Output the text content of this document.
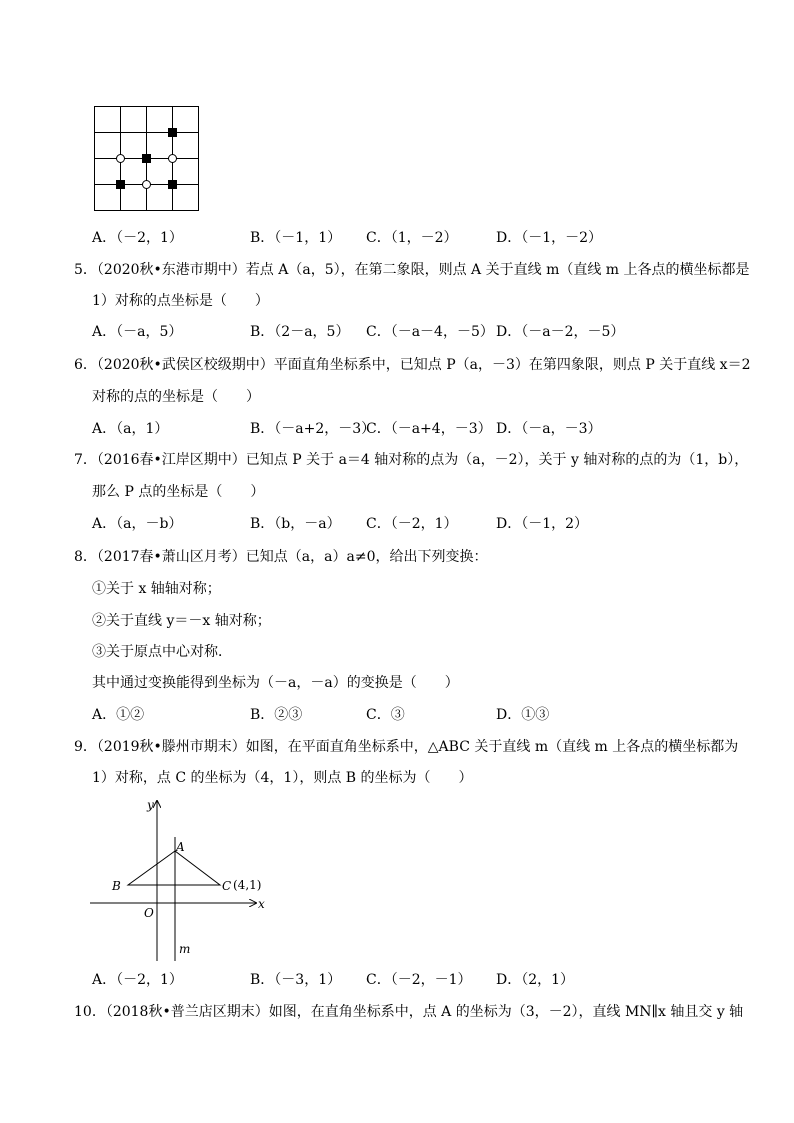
A．（－2，1）	B．（－1，1） C．（1，－2）	D．（－1，－2）
5．（2020秋•东港市期中）若点 A（a，5），在第二象限，则点 A 关于直线 m（直线 m 上各点的横坐标都是
1）对称的点坐标是（　　）
A．（－a，5）	B．（2－a，5） C．（－a－4，－5） D．（－a－2，－5）
6．（2020秋•武侯区校级期中）平面直角坐标系中，已知点 P（a，－3）在第四象限，则点 P 关于直线 x＝2
对称的点的坐标是（　　）
A．（a，1）	B．（－a+2，－3）
C．（－a+4，－3） D．（－a，－3）
7．（2016春•江岸区期中）已知点 P 关于 a＝4 轴对称的点为（a，－2），关于 y 轴对称的点的为（1，b），
那么 P 点的坐标是（　　）
A．（a，－b）	B．（b，－a） C．（－2，1）	D．（－1，2）
8．（2017春•萧山区月考）已知点（a，a）a≠0，给出下列变换：
①关于 x 轴轴对称；
②关于直线 y＝－x 轴对称；
③关于原点中心对称．
其中通过变换能得到坐标为（－a，－a）的变换是（　　）
A．①②	B．②③	C．③	D．①③
9．（2019秋•滕州市期末）如图，在平面直角坐标系中，△ABC 关于直线 m（直线 m 上各点的横坐标都为
1）对称，点 C 的坐标为（4，1），则点 B 的坐标为（　　）
y
x
A
B	C (4,1)
O
m
A．（－2，1）	B．（－3，1） C．（－2，－1） D．（2，1）
10．（2018秋•普兰店区期末）如图，在直角坐标系中，点 A 的坐标为（3，－2），直线 MN∥x 轴且交 y 轴
